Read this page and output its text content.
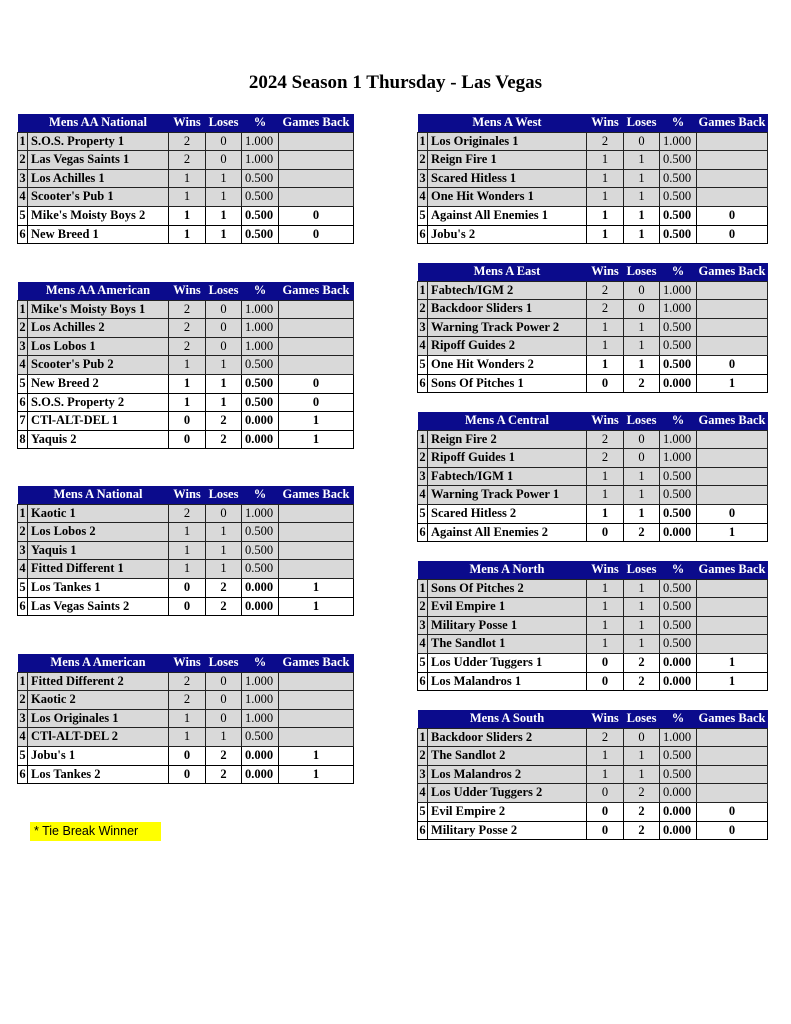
2024 Season 1 Thursday - Las Vegas
	Mens AA National	Wins	Loses	%	Games Back
1	S.O.S. Property 1	2	0	1.000	
2	Las Vegas Saints 1	2	0	1.000	
3	Los Achilles 1	1	1	0.500	
4	Scooter's Pub 1	1	1	0.500	
5	Mike's Moisty Boys 2	1	1	0.500	0
6	New Breed 1	1	1	0.500	0
	Mens AA American	Wins	Loses	%	Games Back
1	Mike's Moisty Boys 1	2	0	1.000	
2	Los Achilles 2	2	0	1.000	
3	Los Lobos 1	2	0	1.000	
4	Scooter's Pub 2	1	1	0.500	
5	New Breed 2	1	1	0.500	0
6	S.O.S. Property 2	1	1	0.500	0
7	CTl-ALT-DEL 1	0	2	0.000	1
8	Yaquis 2	0	2	0.000	1
	Mens A National	Wins	Loses	%	Games Back
1	Kaotic 1	2	0	1.000	
2	Los Lobos 2	1	1	0.500	
3	Yaquis 1	1	1	0.500	
4	Fitted Different 1	1	1	0.500	
5	Los Tankes 1	0	2	0.000	1
6	Las Vegas Saints 2	0	2	0.000	1
	Mens A American	Wins	Loses	%	Games Back
1	Fitted Different 2	2	0	1.000	
2	Kaotic 2	2	0	1.000	
3	Los Originales 1	1	0	1.000	
4	CTl-ALT-DEL 2	1	1	0.500	
5	Jobu's 1	0	2	0.000	1
6	Los Tankes 2	0	2	0.000	1
	Mens A West	Wins	Loses	%	Games Back
1	Los Originales 1	2	0	1.000	
2	Reign Fire 1	1	1	0.500	
3	Scared Hitless 1	1	1	0.500	
4	One Hit Wonders 1	1	1	0.500	
5	Against All Enemies 1	1	1	0.500	0
6	Jobu's 2	1	1	0.500	0
	Mens A East	Wins	Loses	%	Games Back
1	Fabtech/IGM 2	2	0	1.000	
2	Backdoor Sliders 1	2	0	1.000	
3	Warning Track Power 2	1	1	0.500	
4	Ripoff Guides 2	1	1	0.500	
5	One Hit Wonders 2	1	1	0.500	0
6	Sons Of Pitches 1	0	2	0.000	1
	Mens A Central	Wins	Loses	%	Games Back
1	Reign Fire 2	2	0	1.000	
2	Ripoff Guides 1	2	0	1.000	
3	Fabtech/IGM 1	1	1	0.500	
4	Warning Track Power 1	1	1	0.500	
5	Scared Hitless 2	1	1	0.500	0
6	Against All Enemies 2	0	2	0.000	1
	Mens A North	Wins	Loses	%	Games Back
1	Sons Of Pitches 2	1	1	0.500	
2	Evil Empire 1	1	1	0.500	
3	Military Posse 1	1	1	0.500	
4	The Sandlot 1	1	1	0.500	
5	Los Udder Tuggers 1	0	2	0.000	1
6	Los Malandros 1	0	2	0.000	1
	Mens A South	Wins	Loses	%	Games Back
1	Backdoor Sliders 2	2	0	1.000	
2	The Sandlot 2	1	1	0.500	
3	Los Malandros 2	1	1	0.500	
4	Los Udder Tuggers 2	0	2	0.000	
5	Evil Empire 2	0	2	0.000	0
6	Military Posse 2	0	2	0.000	0
* Tie Break Winner
